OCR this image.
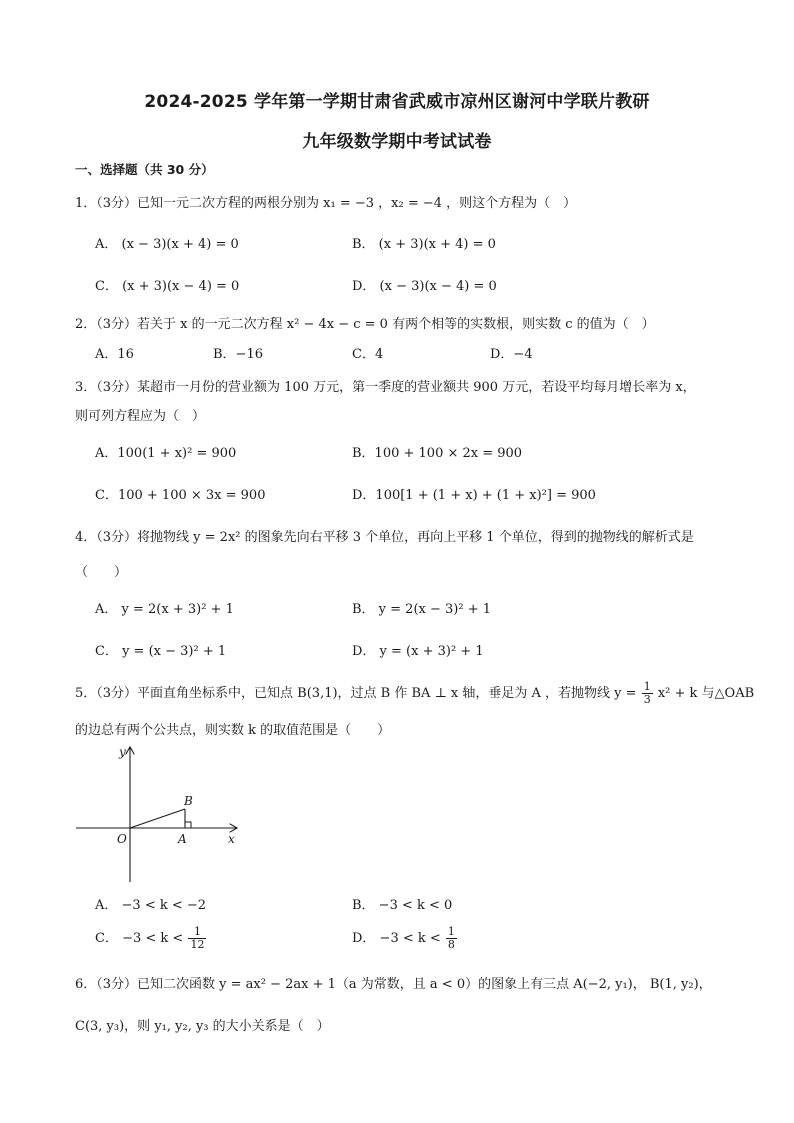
2024-2025 学年第一学期甘肃省武威市凉州区谢河中学联片教研
九年级数学期中考试试卷
一、选择题（共 30 分）
1．（3分）已知一元二次方程的两根分别为 x₁ = −3 ，x₂ = −4 ，则这个方程为（　）
A． (x − 3)(x + 4) = 0	B． (x + 3)(x + 4) = 0
C． (x + 3)(x − 4) = 0	D． (x − 3)(x − 4) = 0
2．（3分）若关于 x 的一元二次方程 x² − 4x − c = 0 有两个相等的实数根，则实数 c 的值为（　）
A．16	B．−16	C．4	D．−4
3．（3分）某超市一月份的营业额为 100 万元，第一季度的营业额共 900 万元，若设平均每月增长率为 x，
则可列方程应为（　）
A．100(1 + x)² = 900	B．100 + 100 × 2x = 900
C．100 + 100 × 3x = 900	D．100[1 + (1 + x) + (1 + x)²] = 900
4．（3分）将抛物线 y = 2x² 的图象先向右平移 3 个单位，再向上平移 1 个单位，得到的抛物线的解析式是
（　　）
A． y = 2(x + 3)² + 1	B． y = 2(x − 3)² + 1
C． y = (x − 3)² + 1	D． y = (x + 3)² + 1
5．（3分）平面直角坐标系中，已知点 B(3,1)，过点 B 作 BA ⊥ x 轴，垂足为 A ，若抛物线 $y = \frac{1}{3} x^2 + k$ 与△OAB
的边总有两个公共点，则实数 k 的取值范围是（　　）
y
x
O	A
B
A． −3 < k < −2	B． −3 < k < 0
C． $-3 < k < \frac{1}{12}$	D． $-3 < k < \frac{1}{8}$
6．（3分）已知二次函数 y = ax² − 2ax + 1（a 为常数，且 a < 0）的图象上有三点 A(−2, y₁)， B(1, y₂)，
C(3, y₃)，则 y₁, y₂, y₃ 的大小关系是（　）
